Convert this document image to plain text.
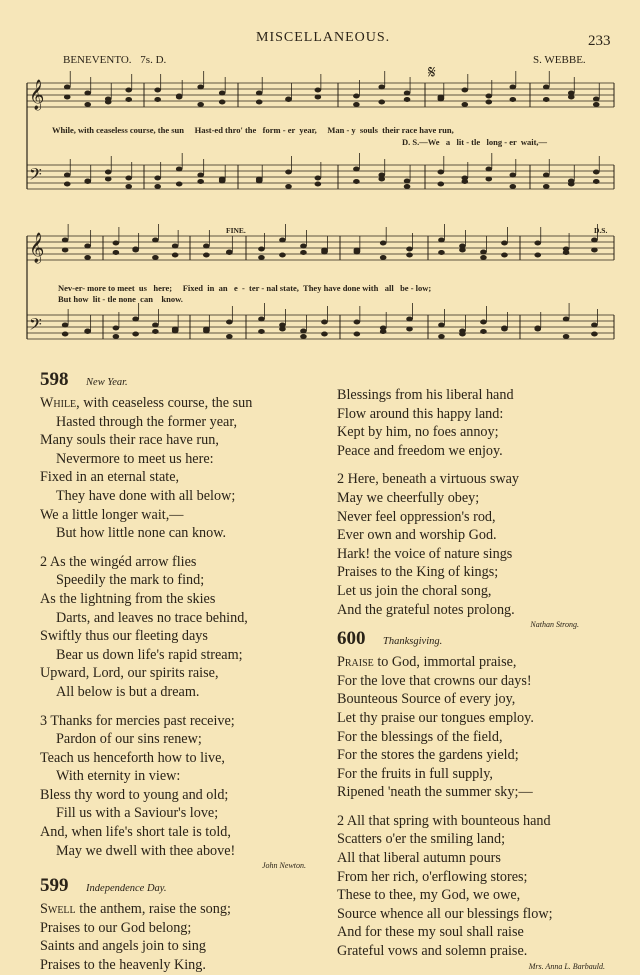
MISCELLANEOUS.	233
BENEVENTO. 7s. D.	S. WEBBE.
𝄞
𝄢
𝄞
𝄢
𝄋
FINE.	D.S.
While, with ceaseless course, the sun     Hast-ed thro' the   form - er  year,     Man - y  souls  their race have run,
D. S.—We   a   lit - tle   long - er  wait,—
Nev-er- more to meet  us   here;     Fixed  in  an   e  -  ter - nal state,  They have done with   all   be - low;
But how  lit - tle none  can    know.
598 New Year.
While, with ceaseless course, the sun
Hasted through the former year,
Many souls their race have run,
Nevermore to meet us here:
Fixed in an eternal state,
They have done with all below;
We a little longer wait,—
But how little none can know.
2 As the wingéd arrow flies
Speedily the mark to find;
As the lightning from the skies
Darts, and leaves no trace behind,
Swiftly thus our fleeting days
Bear us down life's rapid stream;
Upward, Lord, our spirits raise,
All below is but a dream.
3 Thanks for mercies past receive;
Pardon of our sins renew;
Teach us henceforth how to live,
With eternity in view:
Bless thy word to young and old;
Fill us with a Saviour's love;
And, when life's short tale is told,
May we dwell with thee above!
John Newton.
599 Independence Day.
Swell the anthem, raise the song;
Praises to our God belong;
Saints and angels join to sing
Praises to the heavenly King.
Blessings from his liberal hand
Flow around this happy land:
Kept by him, no foes annoy;
Peace and freedom we enjoy.
2 Here, beneath a virtuous sway
May we cheerfully obey;
Never feel oppression's rod,
Ever own and worship God.
Hark! the voice of nature sings
Praises to the King of kings;
Let us join the choral song,
And the grateful notes prolong.
Nathan Strong.
600 Thanksgiving.
Praise to God, immortal praise,
For the love that crowns our days!
Bounteous Source of every joy,
Let thy praise our tongues employ.
For the blessings of the field,
For the stores the gardens yield;
For the fruits in full supply,
Ripened 'neath the summer sky;—
2 All that spring with bounteous hand
Scatters o'er the smiling land;
All that liberal autumn pours
From her rich, o'erflowing stores;
These to thee, my God, we owe,
Source whence all our blessings flow;
And for these my soul shall raise
Grateful vows and solemn praise.
Mrs. Anna L. Barbauld.
